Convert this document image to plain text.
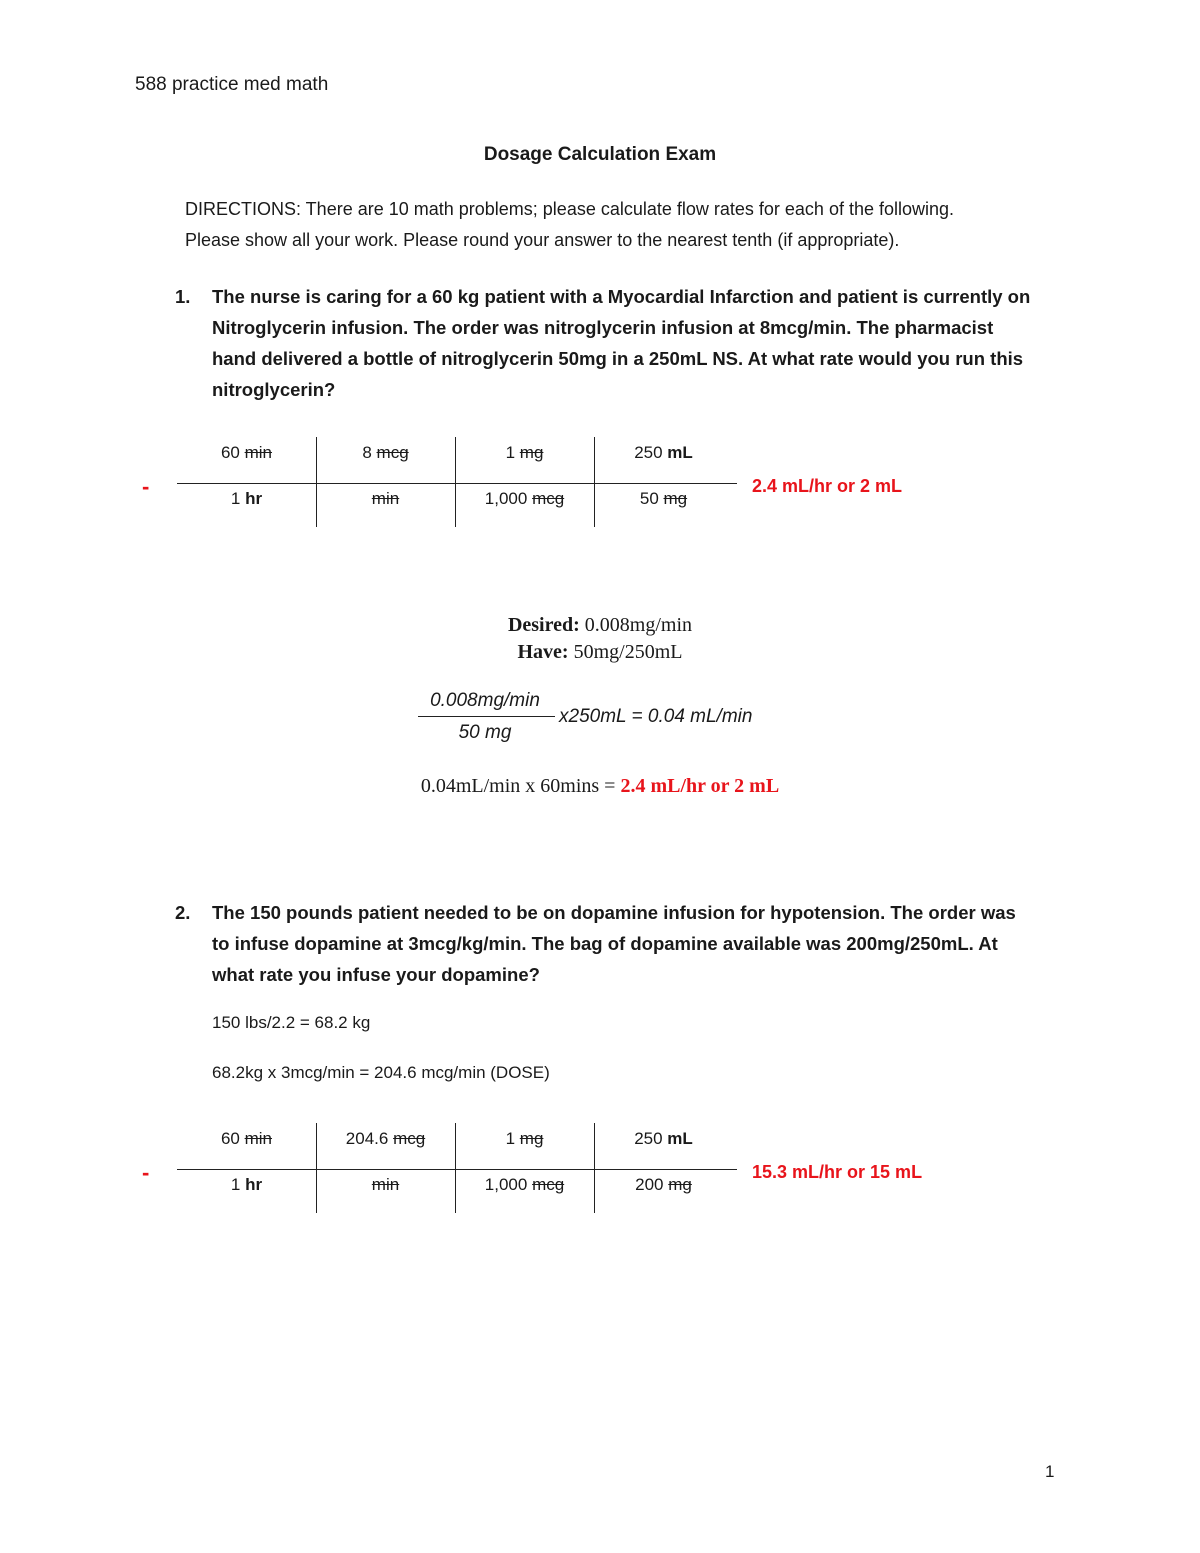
588 practice med math
Dosage Calculation Exam
DIRECTIONS: There are 10 math problems; please calculate flow rates for each of the following.
Please show all your work. Please round your answer to the nearest tenth (if appropriate).
1. The nurse is caring for a 60 kg patient with a Myocardial Infarction and patient is currently on
Nitroglycerin infusion. The order was nitroglycerin infusion at 8mcg/min. The pharmacist
hand delivered a bottle of nitroglycerin 50mg in a 250mL NS. At what rate would you run this
nitroglycerin?
-
60 min	8 mcg	1 mg	250 mL
1 hr	min	1,000 mcg	50 mg
2.4 mL/hr or 2 mL
Desired: 0.008mg/min
Have: 50mg/250mL
0.008mg/min
50 mg
x250mL = 0.04 mL/min
0.04mL/min x 60mins = 2.4 mL/hr or 2 mL
2. The 150 pounds patient needed to be on dopamine infusion for hypotension. The order was
to infuse dopamine at 3mcg/kg/min. The bag of dopamine available was 200mg/250mL. At
what rate you infuse your dopamine?
150 lbs/2.2 = 68.2 kg
68.2kg x 3mcg/min = 204.6 mcg/min (DOSE)
-
60 min	204.6 mcg	1 mg	250 mL
1 hr	min	1,000 mcg	200 mg
15.3 mL/hr or 15 mL
1
